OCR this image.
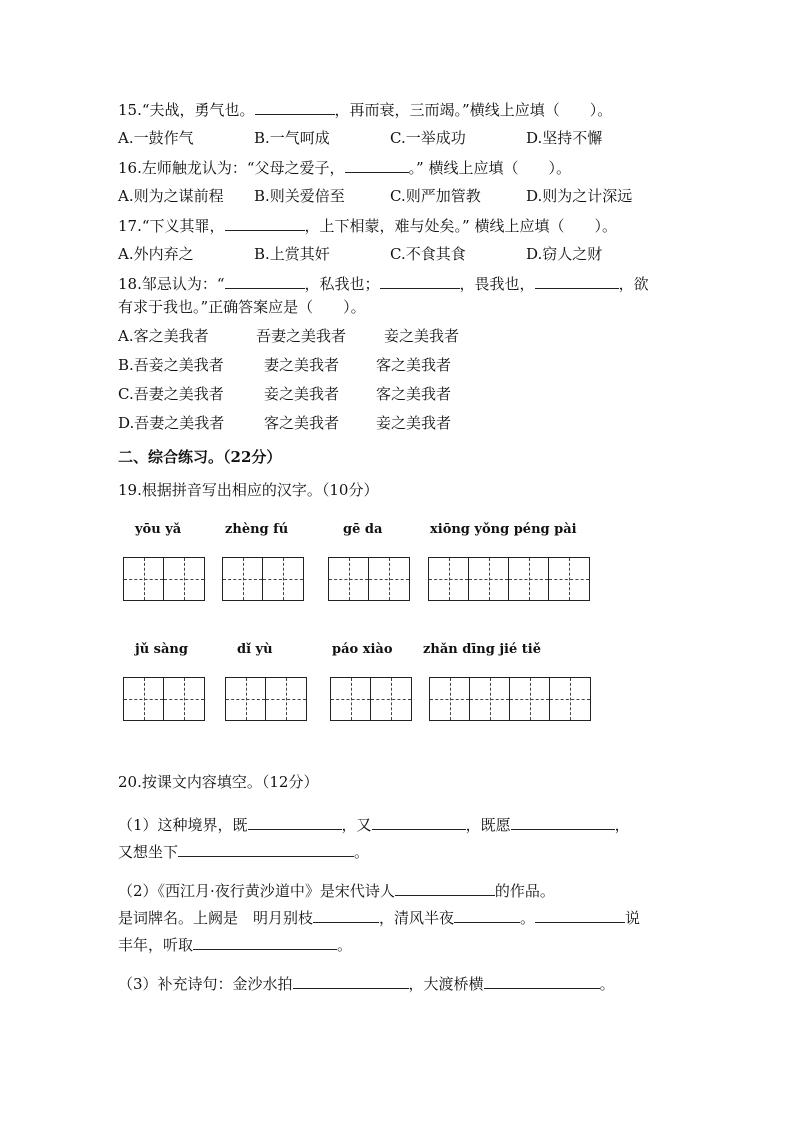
15.“夫战，勇气也。	，再而衰，三而竭。”横线上应填（　　）。
A.一鼓作气	B.一气呵成	C.一举成功	D.坚持不懈
16.左师触龙认为：“父母之爱子，	。” 横线上应填（　　）。
A.则为之谋前程 B.则关爱倍至	C.则严加管教	D.则为之计深远
17.“下义其罪，	，上下相蒙，难与处矣。” 横线上应填（　　）。
A.外内弃之	B.上赏其奸	C.不食其食	D.窃人之财
18.邹忌认为：“	，私我也；	，畏我也，	，欲
有求于我也。”正确答案应是（　　）。
A.客之美我者	吾妻之美我者	妾之美我者
B.吾妾之美我者	妻之美我者 客之美我者
C.吾妻之美我者	妾之美我者 客之美我者
D.吾妻之美我者	客之美我者 妾之美我者
二、综合练习。（22分）
19.根据拼音写出相应的汉字。（10分）
yōu yǎ	zhèng fú	gē da	xiōng yǒng péng pài
jǔ sàng	dǐ yù	páo xiào zhǎn dīng jié tiě
20.按课文内容填空。（12分）
（1）这种境界，既	，又	，既愿	，
又想坐下	。
（2）《西江月·夜行黄沙道中》是宋代诗人	的作品。
是词牌名。上阙是　明月别枝	，清风半夜	。	说
丰年，听取	。
（3）补充诗句：金沙水拍	，大渡桥横	。
